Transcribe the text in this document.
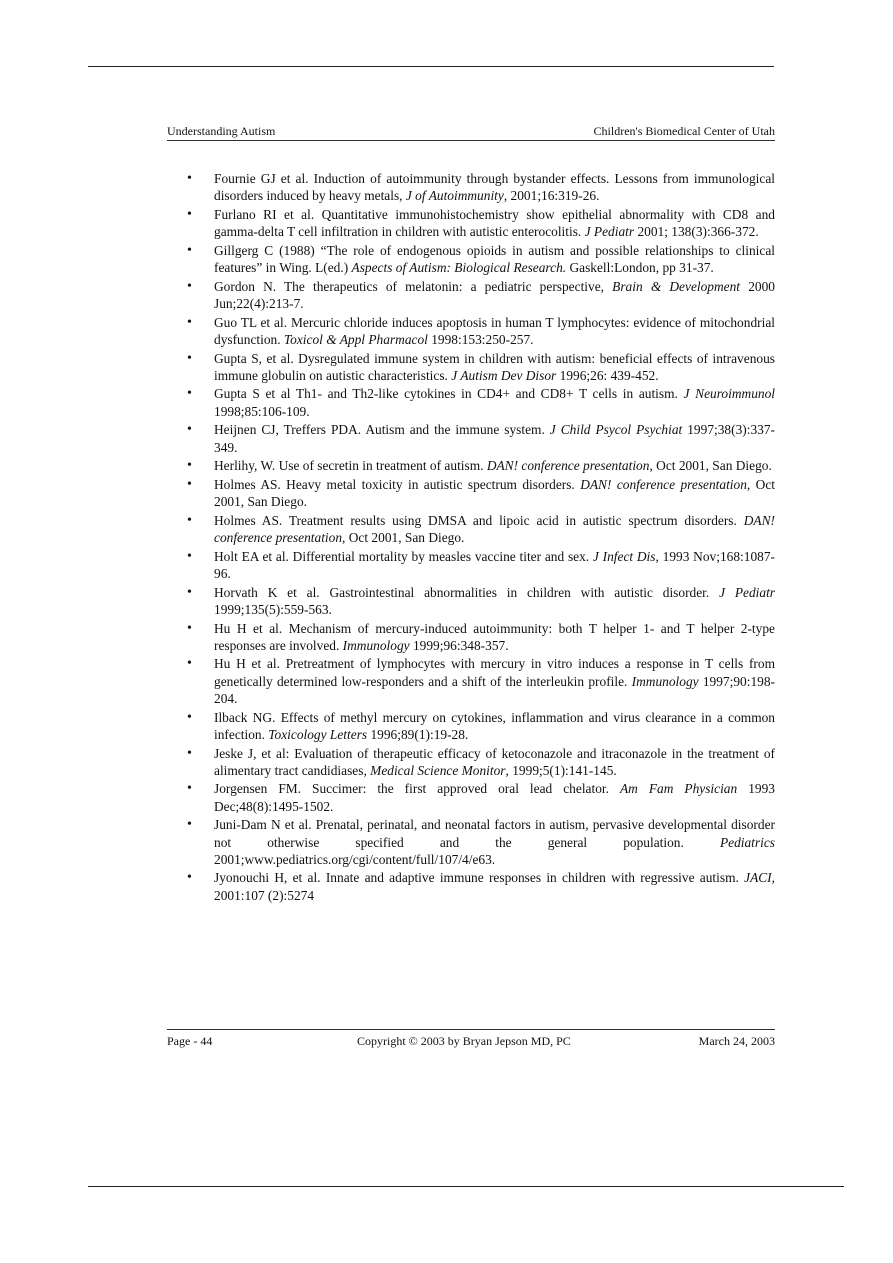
Understanding Autism	Children's Biomedical Center of Utah
• Fournie GJ et al. Induction of autoimmunity through bystander effects. Lessons from immunological disorders induced by heavy metals, J of Autoimmunity, 2001;16:319-26.
• Furlano RI et al. Quantitative immunohistochemistry show epithelial abnormality with CD8 and gamma-delta T cell infiltration in children with autistic enterocolitis. J Pediatr 2001; 138(3):366-372.
• Gillgerg C (1988) “The role of endogenous opioids in autism and possible relationships to clinical features” in Wing. L(ed.) Aspects of Autism: Biological Research. Gaskell:London, pp 31-37.
• Gordon N. The therapeutics of melatonin: a pediatric perspective, Brain & Development 2000 Jun;22(4):213-7.
• Guo TL et al. Mercuric chloride induces apoptosis in human T lymphocytes: evidence of mitochondrial dysfunction. Toxicol & Appl Pharmacol 1998:153:250-257.
• Gupta S, et al. Dysregulated immune system in children with autism: beneficial effects of intravenous immune globulin on autistic characteristics. J Autism Dev Disor 1996;26: 439-452.
• Gupta S et al Th1- and Th2-like cytokines in CD4+ and CD8+ T cells in autism. J Neuroimmunol 1998;85:106-109.
• Heijnen CJ, Treffers PDA. Autism and the immune system. J Child Psycol Psychiat 1997;38(3):337-349.
• Herlihy, W. Use of secretin in treatment of autism. DAN! conference presentation, Oct 2001, San Diego.
• Holmes AS. Heavy metal toxicity in autistic spectrum disorders. DAN! conference presentation, Oct 2001, San Diego.
• Holmes AS. Treatment results using DMSA and lipoic acid in autistic spectrum disorders. DAN! conference presentation, Oct 2001, San Diego.
• Holt EA et al. Differential mortality by measles vaccine titer and sex. J Infect Dis, 1993 Nov;168:1087-96.
• Horvath K et al. Gastrointestinal abnormalities in children with autistic disorder. J Pediatr 1999;135(5):559-563.
• Hu H et al. Mechanism of mercury-induced autoimmunity: both T helper 1- and T helper 2-type responses are involved. Immunology 1999;96:348-357.
• Hu H et al. Pretreatment of lymphocytes with mercury in vitro induces a response in T cells from genetically determined low-responders and a shift of the interleukin profile. Immunology 1997;90:198-204.
• Ilback NG. Effects of methyl mercury on cytokines, inflammation and virus clearance in a common infection. Toxicology Letters 1996;89(1):19-28.
• Jeske J, et al: Evaluation of therapeutic efficacy of ketoconazole and itraconazole in the treatment of alimentary tract candidiases, Medical Science Monitor, 1999;5(1):141-145.
• Jorgensen FM. Succimer: the first approved oral lead chelator. Am Fam Physician 1993 Dec;48(8):1495-1502.
• Juni-Dam N et al. Prenatal, perinatal, and neonatal factors in autism, pervasive developmental disorder not otherwise specified and the general population. Pediatrics 2001;www.pediatrics.org/cgi/content/full/107/4/e63.
• Jyonouchi H, et al. Innate and adaptive immune responses in children with regressive autism. JACI, 2001:107 (2):5274
Page - 44	Copyright © 2003 by Bryan Jepson MD, PC	March 24, 2003
